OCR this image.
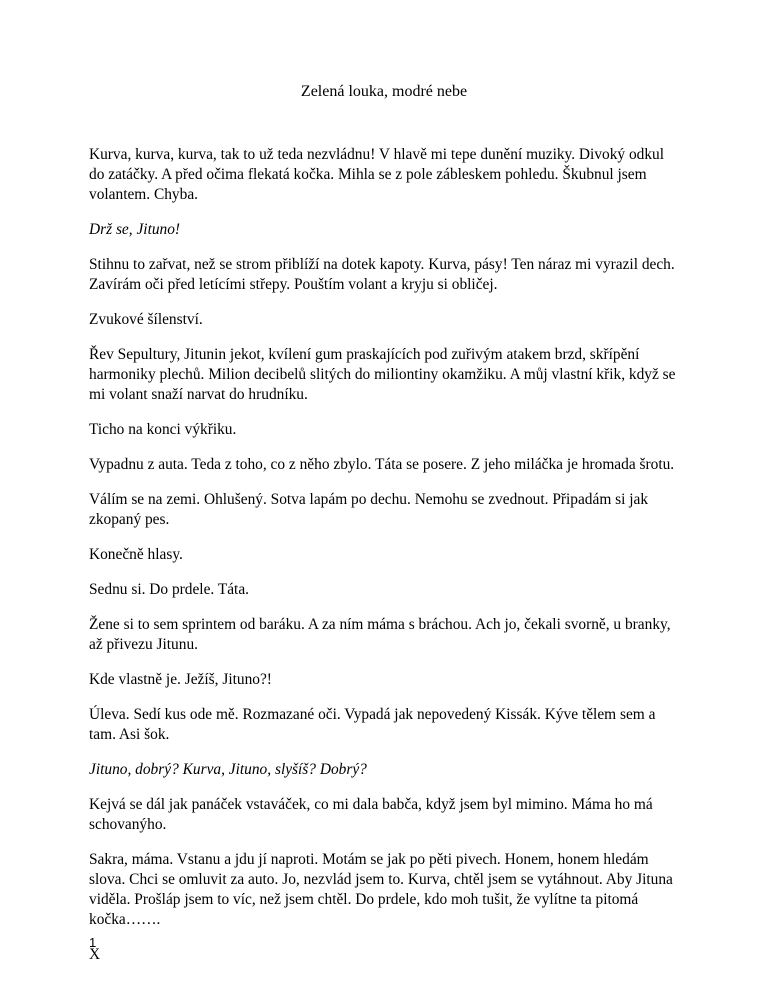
Zelená louka, modré nebe

Kurva, kurva, kurva, tak to už teda nezvládnu! V hlavě mi tepe dunění muziky. Divoký odkul do zatáčky. A před očima flekatá kočka. Mihla se z pole zábleskem pohledu. Škubnul jsem volantem. Chyba.

Drž se, Jituno!

Stihnu to zařvat, než se strom přiblíží na dotek kapoty. Kurva, pásy! Ten náraz mi vyrazil dech. Zavírám oči před letícími střepy. Pouštím volant a kryju si obličej.

Zvukové šílenství.

Řev Sepultury, Jitunin jekot, kvílení gum praskajících pod zuřivým atakem brzd, skřípění harmoniky plechů. Milion decibelů slitých do miliontiny okamžiku. A můj vlastní křik, když se mi volant snaží narvat do hrudníku.

Ticho na konci výkřiku.

Vypadnu z auta. Teda z toho, co z něho zbylo. Táta se posere. Z jeho miláčka je hromada šrotu.

Válím se na zemi. Ohlušený. Sotva lapám po dechu. Nemohu se zvednout. Připadám si jak zkopaný pes.

Konečně hlasy.

Sednu si. Do prdele. Táta.

Žene si to sem sprintem od baráku. A za ním máma s bráchou. Ach jo, čekali svorně, u branky, až přivezu Jitunu.

Kde vlastně je. Ježíš, Jituno?!

Úleva. Sedí kus ode mě. Rozmazané oči. Vypadá jak nepovedený Kissák. Kýve tělem sem a tam. Asi šok.

Jituno, dobrý? Kurva, Jituno, slyšíš? Dobrý?

Kejvá se dál jak panáček vstaváček, co mi dala babča, když jsem byl mimino. Máma ho má schovanýho.

Sakra, máma. Vstanu a jdu jí naproti. Motám se jak po pěti pivech. Honem, honem hledám slova. Chci se omluvit za auto. Jo, nezvlád jsem to. Kurva, chtěl jsem se vytáhnout. Aby Jituna viděla. Prošláp jsem to víc, než jsem chtěl. Do prdele, kdo moh tušit, že vylítne ta pitomá kočka…….

X

1
